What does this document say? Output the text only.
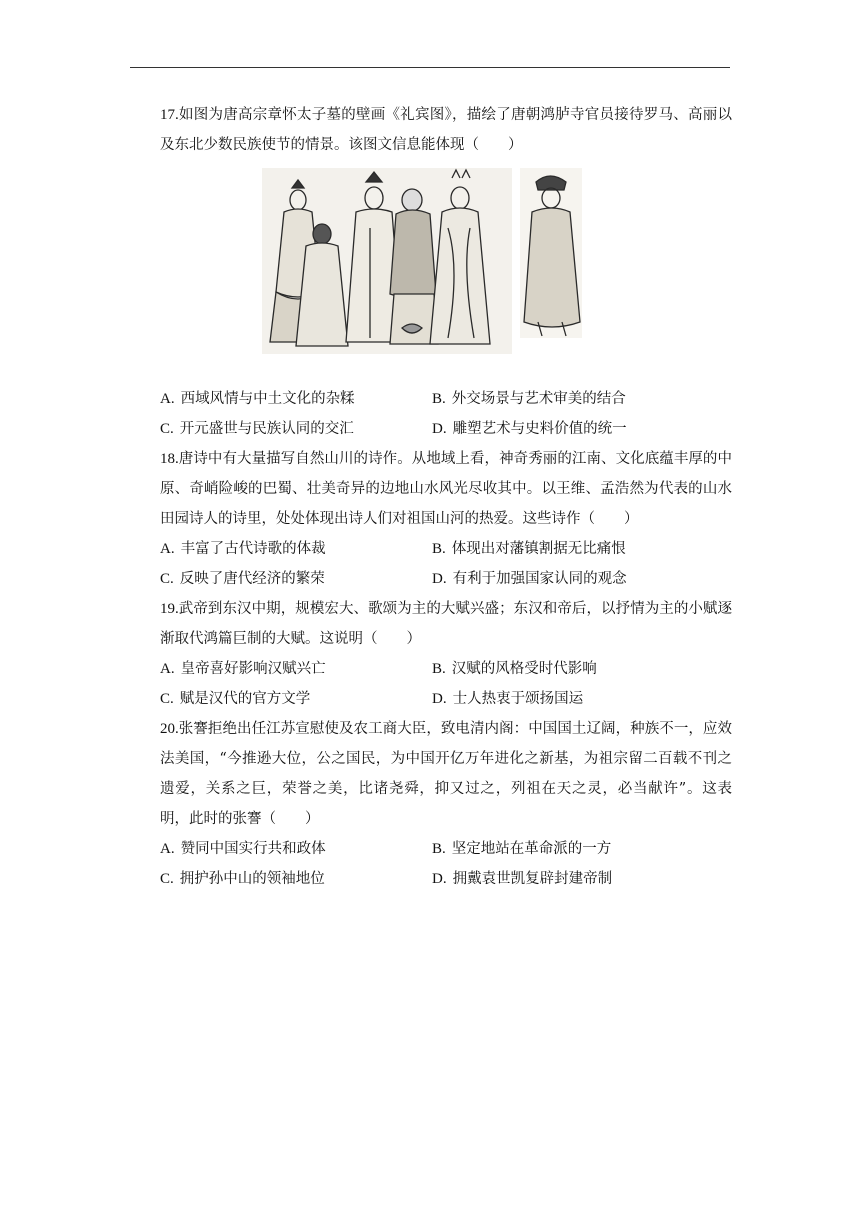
17.如图为唐高宗章怀太子墓的壁画《礼宾图》，描绘了唐朝鸿胪寺官员接待罗马、高丽以及东北少数民族使节的情景。该图文信息能体现（　　）

A. 西域风情与中土文化的杂糅	B. 外交场景与艺术审美的结合
C. 开元盛世与民族认同的交汇	D. 雕塑艺术与史料价值的统一

18.唐诗中有大量描写自然山川的诗作。从地域上看，神奇秀丽的江南、文化底蕴丰厚的中原、奇峭险峻的巴蜀、壮美奇异的边地山水风光尽收其中。以王维、孟浩然为代表的山水田园诗人的诗里，处处体现出诗人们对祖国山河的热爱。这些诗作（　　）

A. 丰富了古代诗歌的体裁	B. 体现出对藩镇割据无比痛恨
C. 反映了唐代经济的繁荣	D. 有利于加强国家认同的观念

19.武帝到东汉中期，规模宏大、歌颂为主的大赋兴盛；东汉和帝后，以抒情为主的小赋逐渐取代鸿篇巨制的大赋。这说明（　　）

A. 皇帝喜好影响汉赋兴亡	B. 汉赋的风格受时代影响
C. 赋是汉代的官方文学	D. 士人热衷于颂扬国运

20.张謇拒绝出任江苏宣慰使及农工商大臣，致电清内阁：中国国土辽阔，种族不一，应效法美国，“今推逊大位，公之国民，为中国开亿万年进化之新基，为祖宗留二百载不刊之遗爱，关系之巨，荣誉之美，比诸尧舜，抑又过之，列祖在天之灵，必当献许”。这表明，此时的张謇（　　）

A. 赞同中国实行共和政体	B. 坚定地站在革命派的一方
C. 拥护孙中山的领袖地位	D. 拥戴袁世凯复辟封建帝制
